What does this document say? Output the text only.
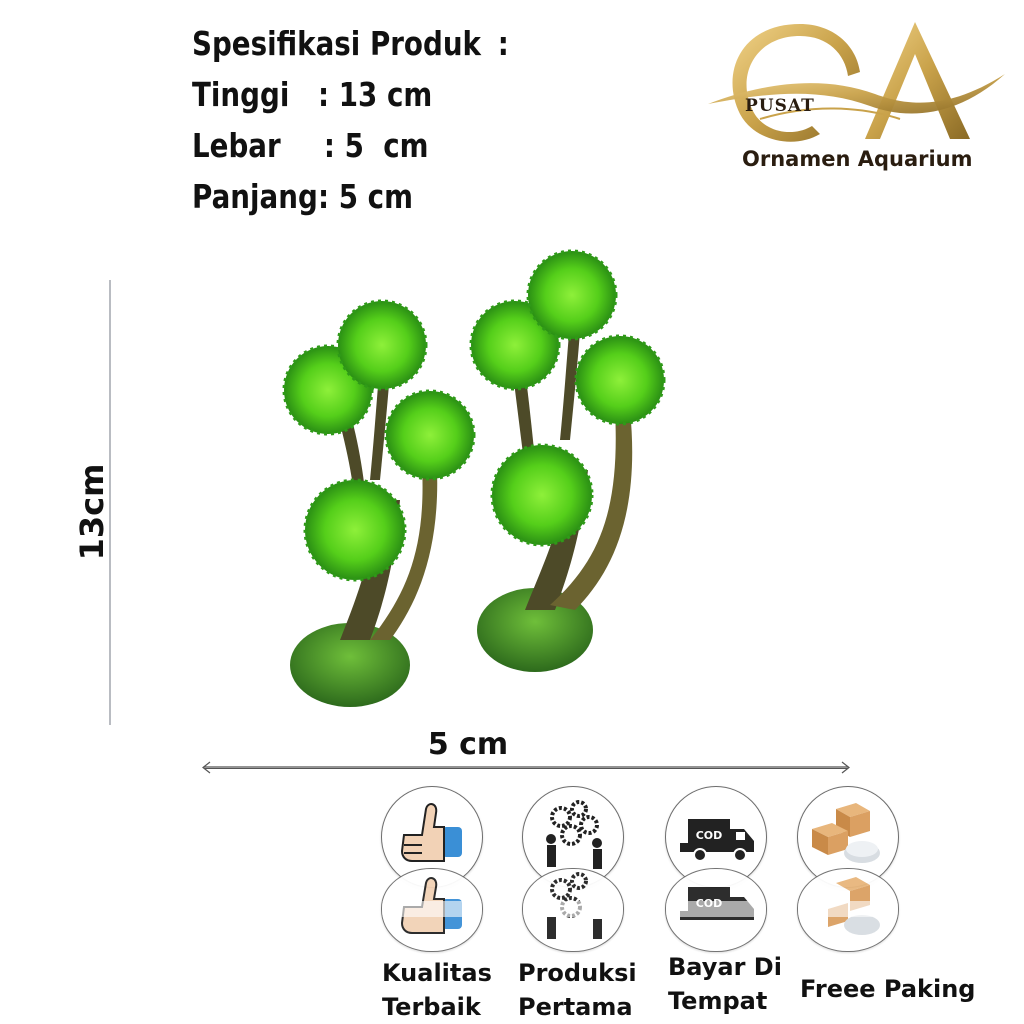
Spesifikasi Produk :
Tinggi : 13 cm
Lebar	: 5  cm
Panjang : 5 cm
PUSAT
Ornamen Aquarium
13cm
5 cm
COD
Kualitas
Terbaik
Produksi
Pertama
Bayar Di
Tempat	Freee Paking
